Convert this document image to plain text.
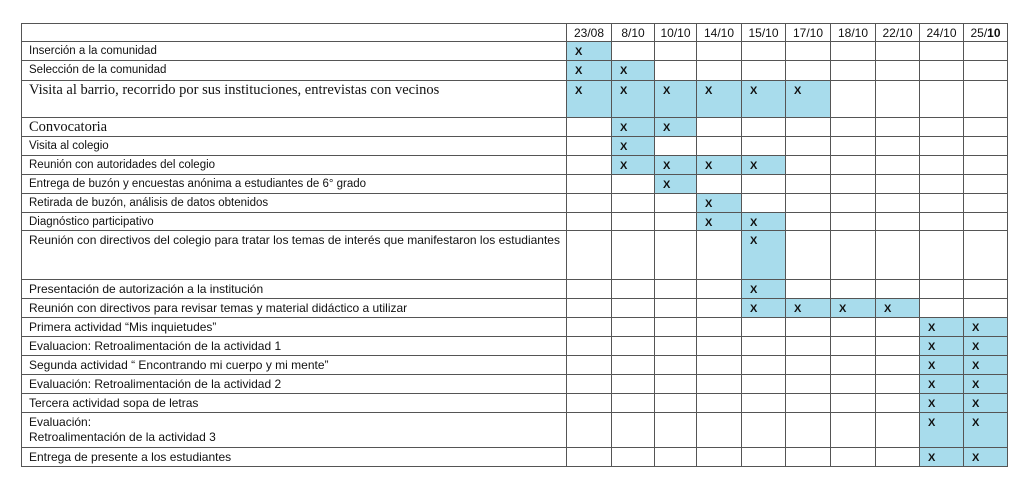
	23/08	8/10	10/10	14/10	15/10	17/10	18/10	22/10	24/10	25/10
Inserción a la comunidad	X									

Selección de la comunidad	X	X								

Visita al barrio, recorrido por sus instituciones, entrevistas con vecinos	X	X	X	X	X	X				

Convocatoria		X	X							

Visita al colegio		X								

Reunión con autoridades del colegio		X	X	X	X					

Entrega de buzón y encuestas anónima a estudiantes de 6° grado			X							

Retirada de buzón, análisis de datos obtenidos				X						

Diagnóstico participativo				X	X					

Reunión con directivos del colegio para tratar los temas de interés que manifestaron los estudiantes					X					

Presentación de autorización a la institución					X					

Reunión con directivos para revisar temas y material didáctico a utilizar					X	X	X	X		

Primera actividad “Mis inquietudes”									X	X

Evaluacion: Retroalimentación de la actividad 1									X	X

Segunda actividad “ Encontrando mi cuerpo y mi mente”									X	X

Evaluación: Retroalimentación de la actividad 2									X	X

Tercera actividad sopa de letras									X	X

Evaluación:
Retroalimentación de la actividad 3									X	X

Entrega de presente a los estudiantes									X	X
